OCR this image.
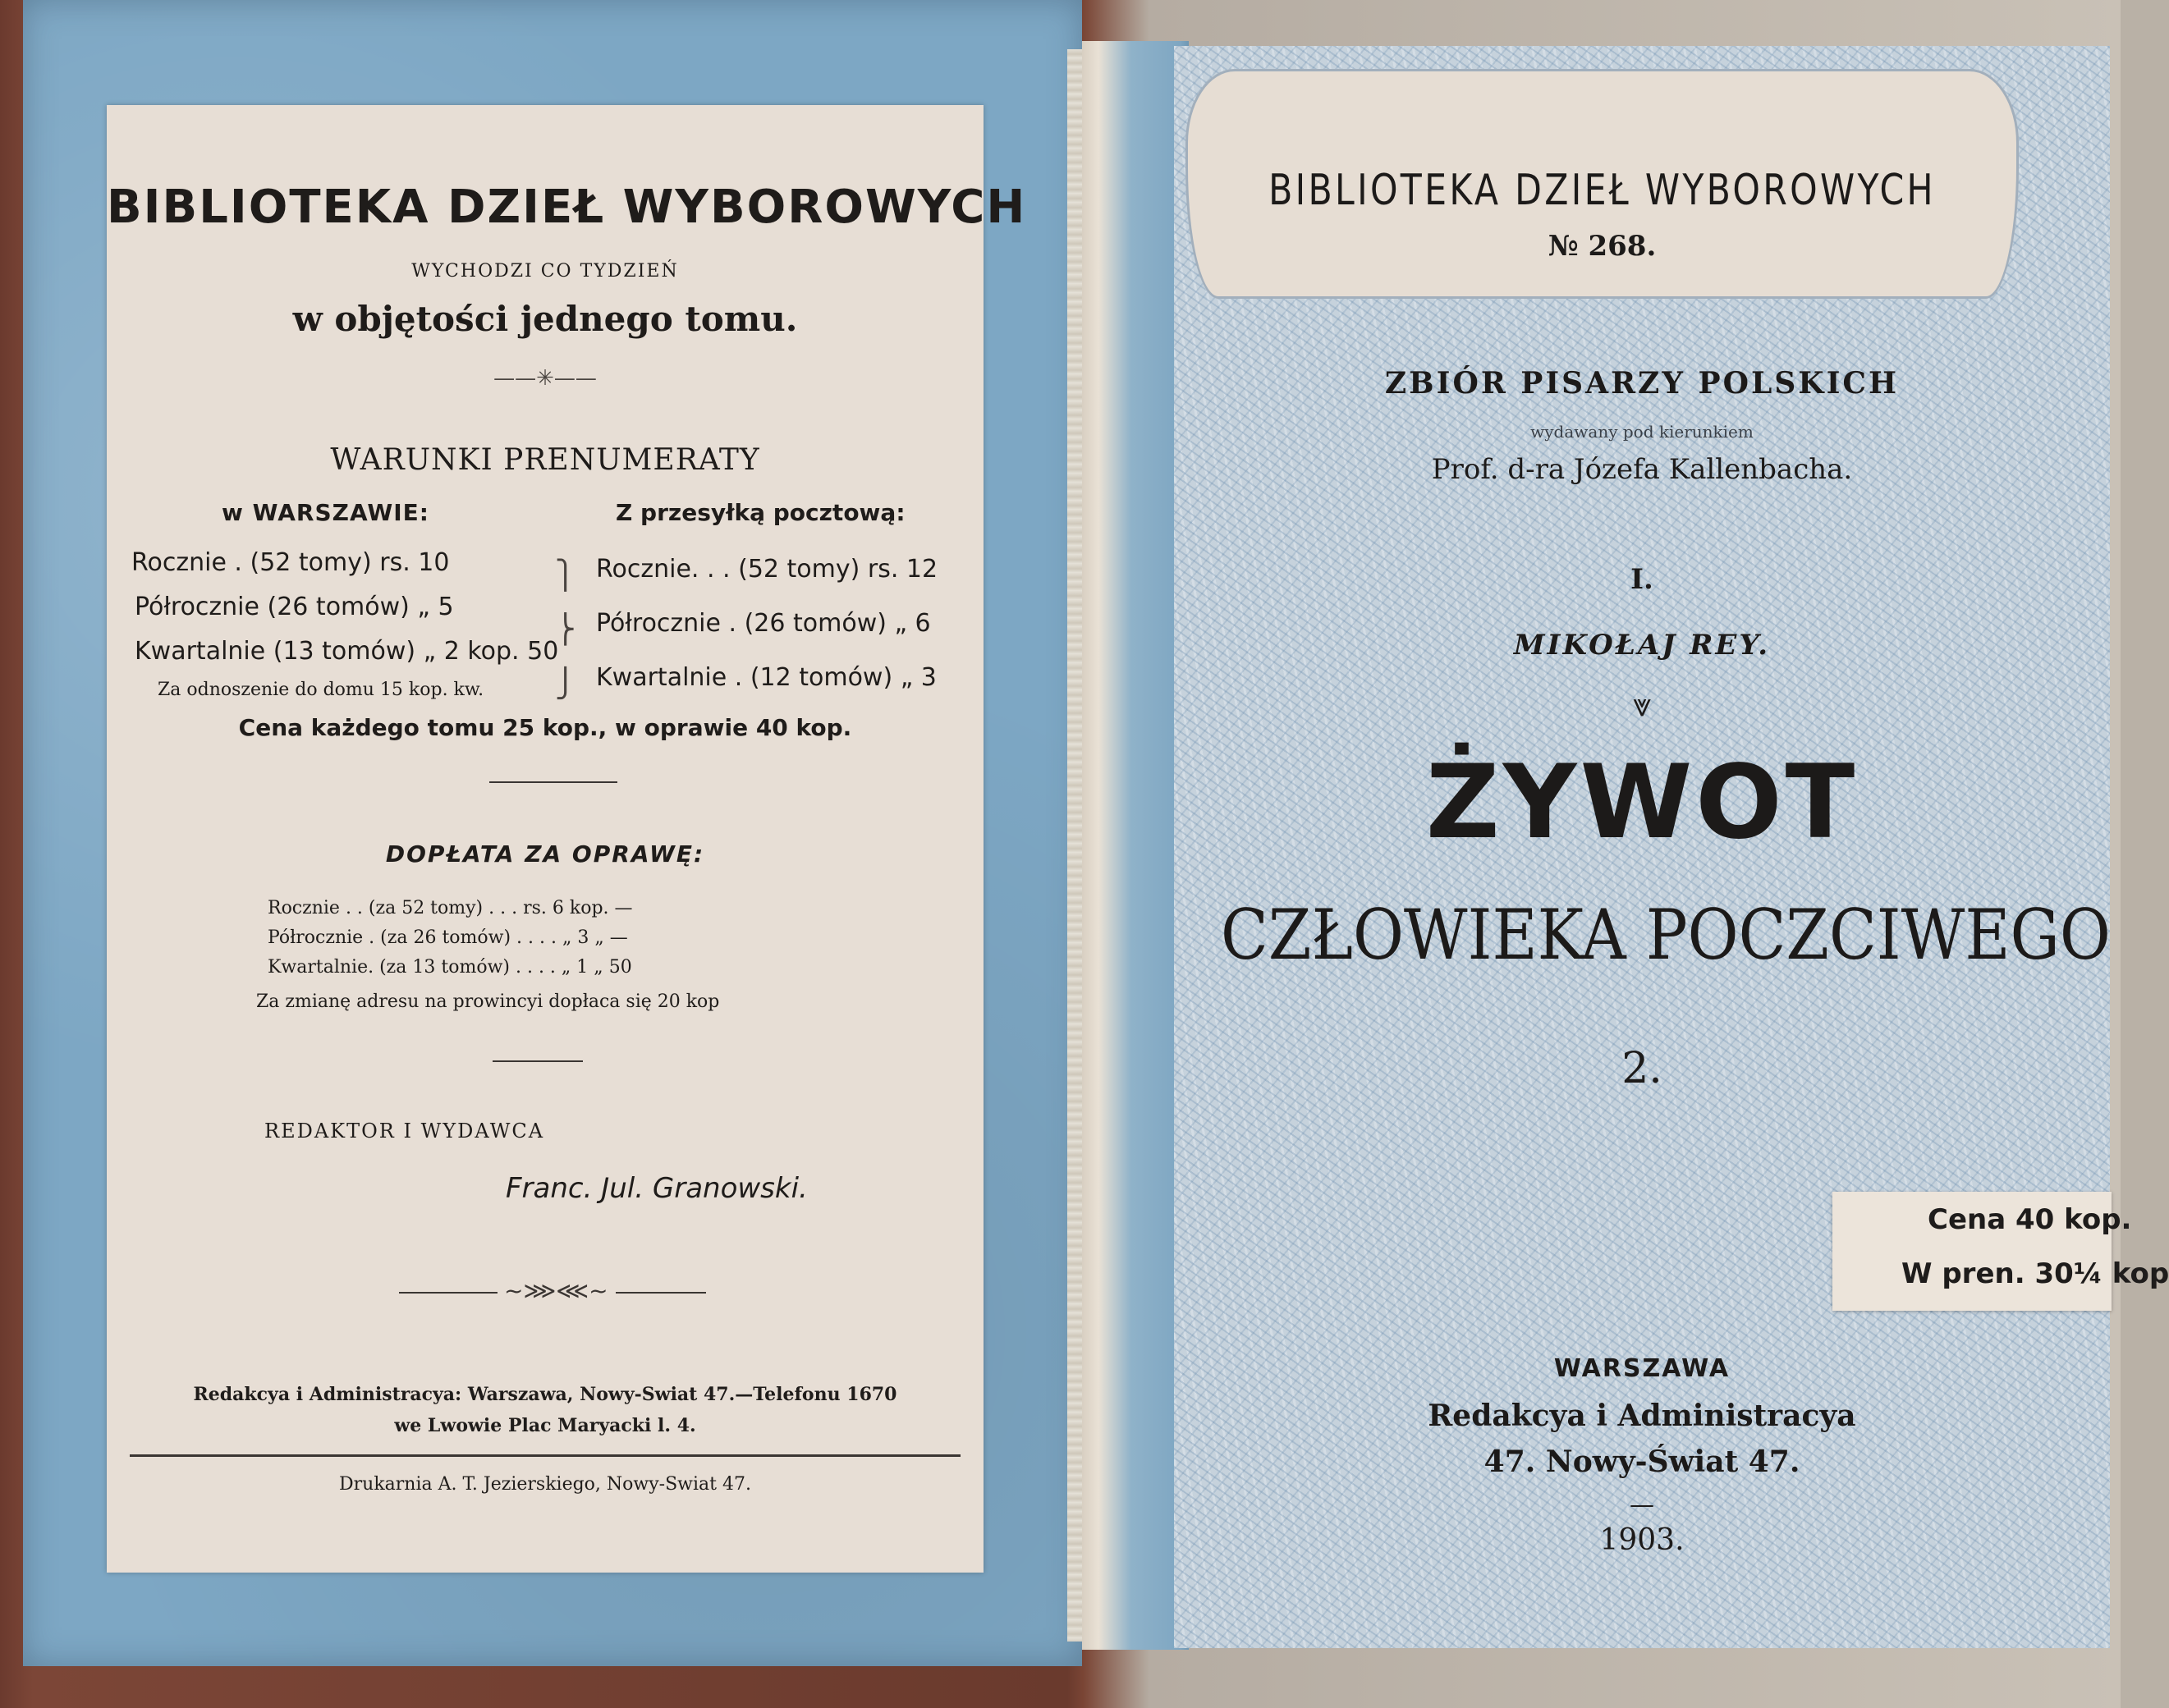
BIBLIOTEKA DZIEŁ WYBOROWYCH
WYCHODZI CO TYDZIEŃ
w objętości jednego tomu.
——✳——
WARUNKI PRENUMERATY
w WARSZAWIE:	Z przesyłką pocztową:
Rocznie . (52 tomy) rs. 10
Półrocznie (26 tomów) „ 5
Kwartalnie (13 tomów) „ 2 kop. 50
Za odnoszenie do domu 15 kop. kw.
⎫
⎬
⎭
Rocznie. . . (52 tomy) rs. 12
Półrocznie . (26 tomów) „ 6
Kwartalnie . (12 tomów) „ 3
Cena każdego tomu 25 kop., w oprawie 40 kop.
DOPŁATA ZA OPRAWĘ:
Rocznie . . (za 52 tomy) . . . rs. 6 kop. —
Półrocznie . (za 26 tomów) . . . . „ 3 „ —
Kwartalnie. (za 13 tomów) . . . . „ 1 „ 50
Za zmianę adresu na prowincyi dopłaca się 20 kop
REDAKTOR I WYDAWCA
Franc. Jul. Granowski.
~⋙⋘~
Redakcya i Administracya: Warszawa, Nowy-Swiat 47.—Telefonu 1670
we Lwowie Plac Maryacki l. 4.
Drukarnia A. T. Jezierskiego, Nowy-Swiat 47.
BIBLIOTEKA DZIEŁ WYBOROWYCH
№ 268.
ZBIÓR PISARZY POLSKICH
wydawany pod kierunkiem
Prof. d-ra Józefa Kallenbacha.
I.
MIKOŁAJ REY.
⩔
ŻYWOT
CZŁOWIEKA POCZCIWEGO
2.
WARSZAWA
Redakcya i Administracya
47. Nowy-Świat 47.
—
1903.
Cena 40 kop.
W pren. 30¼ kop
